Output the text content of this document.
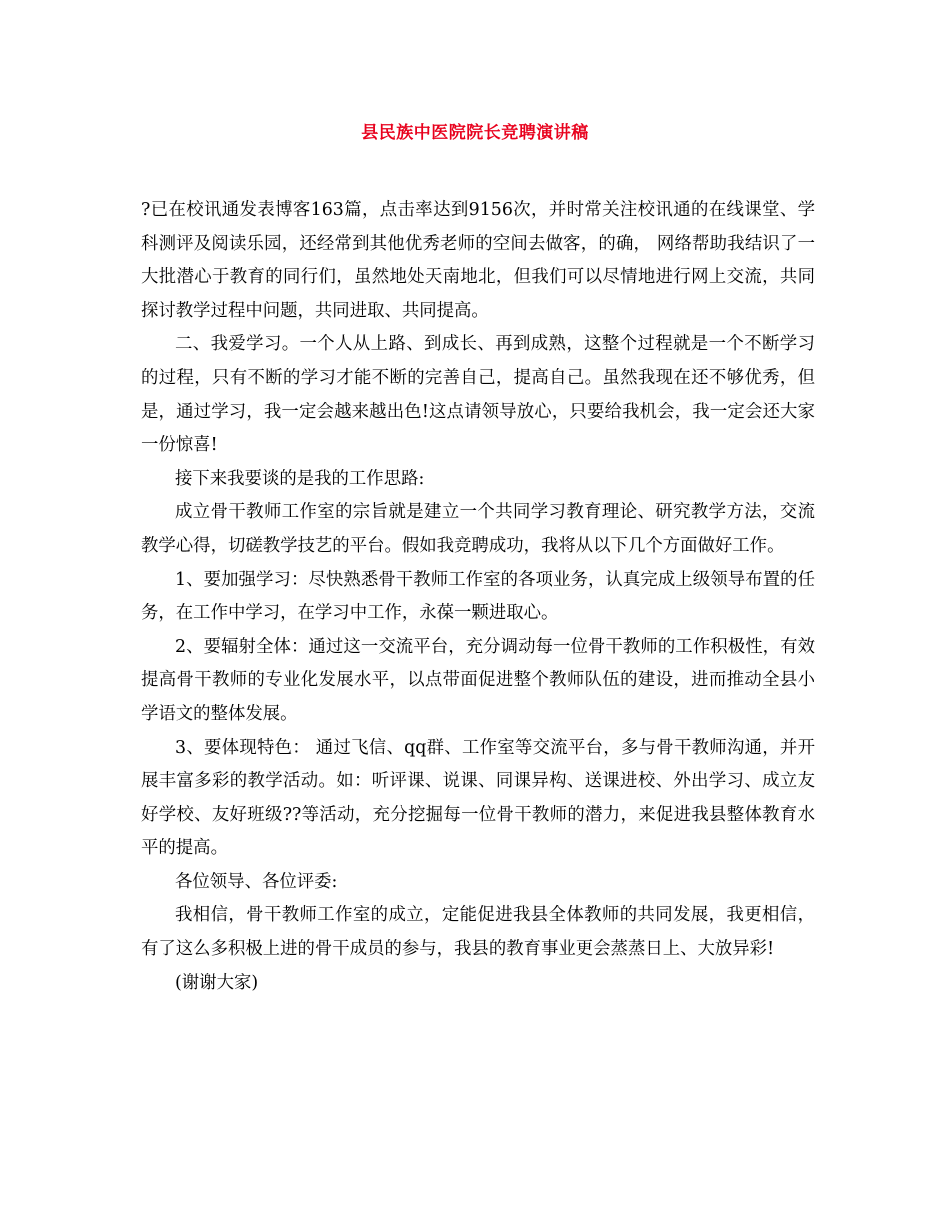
县民族中医院院长竞聘演讲稿

?已在校讯通发表博客163篇，点击率达到9156次，并时常关注校讯通的在线课堂、学科测评及阅读乐园，还经常到其他优秀老师的空间去做客，的确， 网络帮助我结识了一大批潜心于教育的同行们，虽然地处天南地北，但我们可以尽情地进行网上交流，共同探讨教学过程中问题，共同进取、共同提高。

二、我爱学习。一个人从上路、到成长、再到成熟，这整个过程就是一个不断学习的过程，只有不断的学习才能不断的完善自己，提高自己。虽然我现在还不够优秀，但是，通过学习，我一定会越来越出色!这点请领导放心，只要给我机会，我一定会还大家一份惊喜!

接下来我要谈的是我的工作思路:

成立骨干教师工作室的宗旨就是建立一个共同学习教育理论、研究教学方法，交流教学心得，切磋教学技艺的平台。假如我竞聘成功，我将从以下几个方面做好工作。

1、要加强学习：尽快熟悉骨干教师工作室的各项业务，认真完成上级领导布置的任务，在工作中学习，在学习中工作，永葆一颗进取心。

2、要辐射全体：通过这一交流平台，充分调动每一位骨干教师的工作积极性，有效提高骨干教师的专业化发展水平，以点带面促进整个教师队伍的建设，进而推动全县小学语文的整体发展。

3、要体现特色： 通过飞信、qq群、工作室等交流平台，多与骨干教师沟通，并开展丰富多彩的教学活动。如：听评课、说课、同课异构、送课进校、外出学习、成立友好学校、友好班级??等活动，充分挖掘每一位骨干教师的潜力，来促进我县整体教育水平的提高。

各位领导、各位评委:

我相信，骨干教师工作室的成立，定能促进我县全体教师的共同发展，我更相信，有了这么多积极上进的骨干成员的参与，我县的教育事业更会蒸蒸日上、大放异彩!

(谢谢大家)
